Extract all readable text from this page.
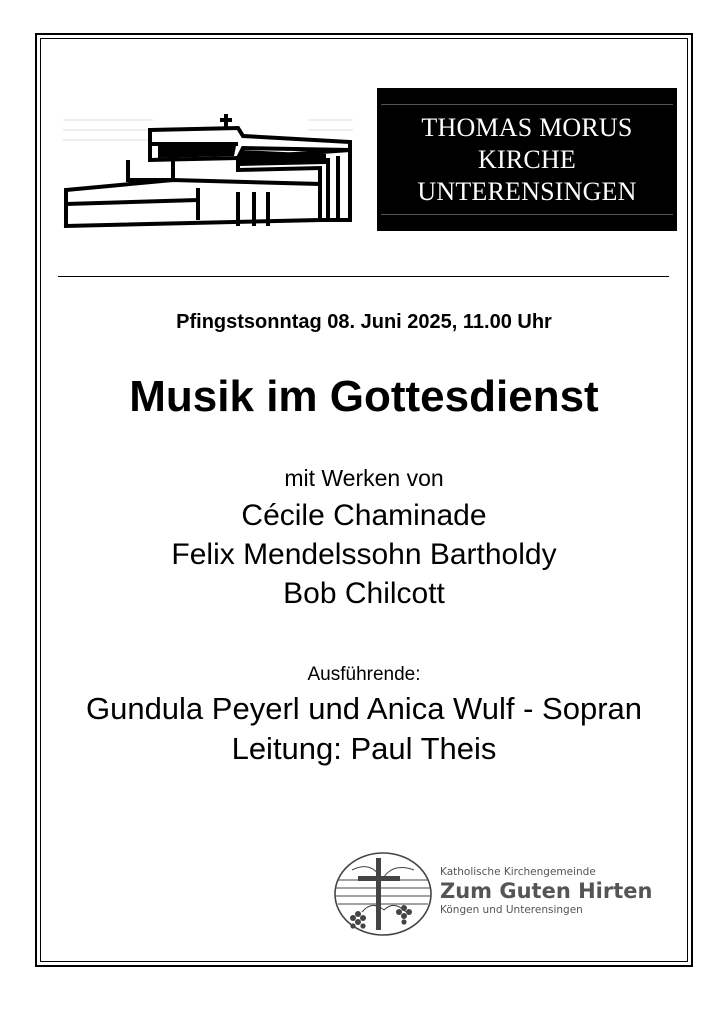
THOMAS MORUS
KIRCHE
UNTERENSINGEN
Pfingstsonntag 08. Juni 2025, 11.00 Uhr
Musik im Gottesdienst
mit Werken von
Cécile Chaminade
Felix Mendelssohn Bartholdy
Bob Chilcott
Ausführende:
Gundula Peyerl und Anica Wulf - Sopran
Leitung: Paul Theis
Katholische Kirchengemeinde
Zum Guten Hirten
Köngen und Unterensingen
